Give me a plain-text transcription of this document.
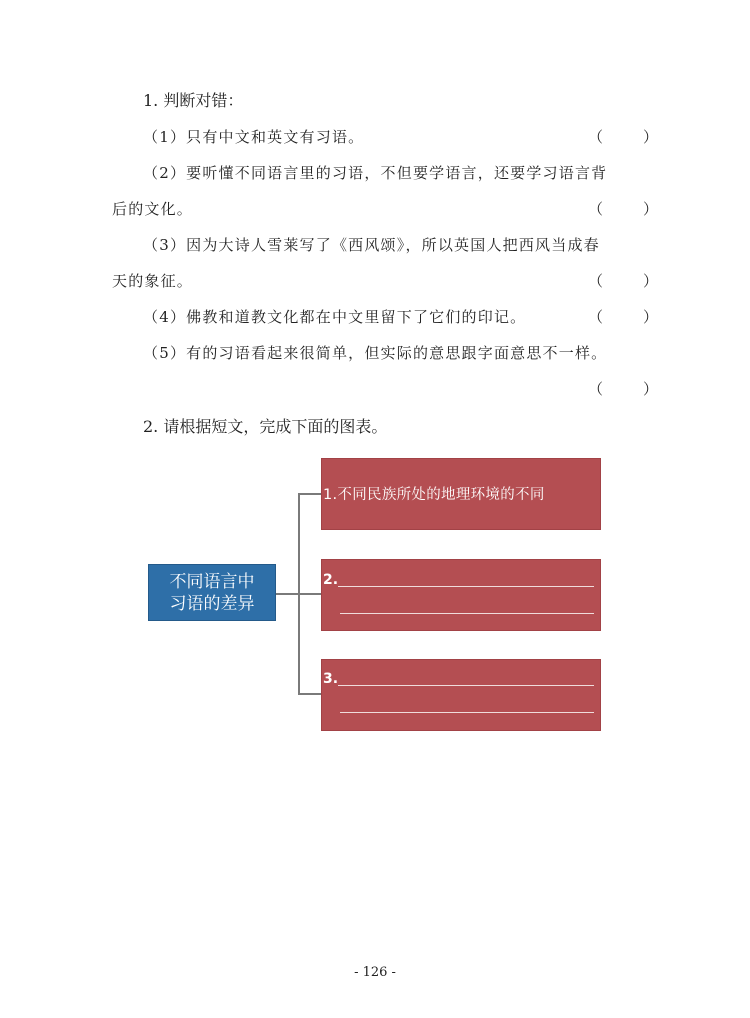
1. 判断对错：
（1）只有中文和英文有习语。	（	）
（2）要听懂不同语言里的习语，不但要学语言，还要学习语言背
后的文化。	（	）
（3）因为大诗人雪莱写了《西风颂》，所以英国人把西风当成春
天的象征。	（	）
（4）佛教和道教文化都在中文里留下了它们的印记。	（	）
（5）有的习语看起来很简单，但实际的意思跟字面意思不一样。
（	）
2. 请根据短文，完成下面的图表。
不同语言中
习语的差异
1.不同民族所处的地理环境的不同
2.
3.
- 126 -
